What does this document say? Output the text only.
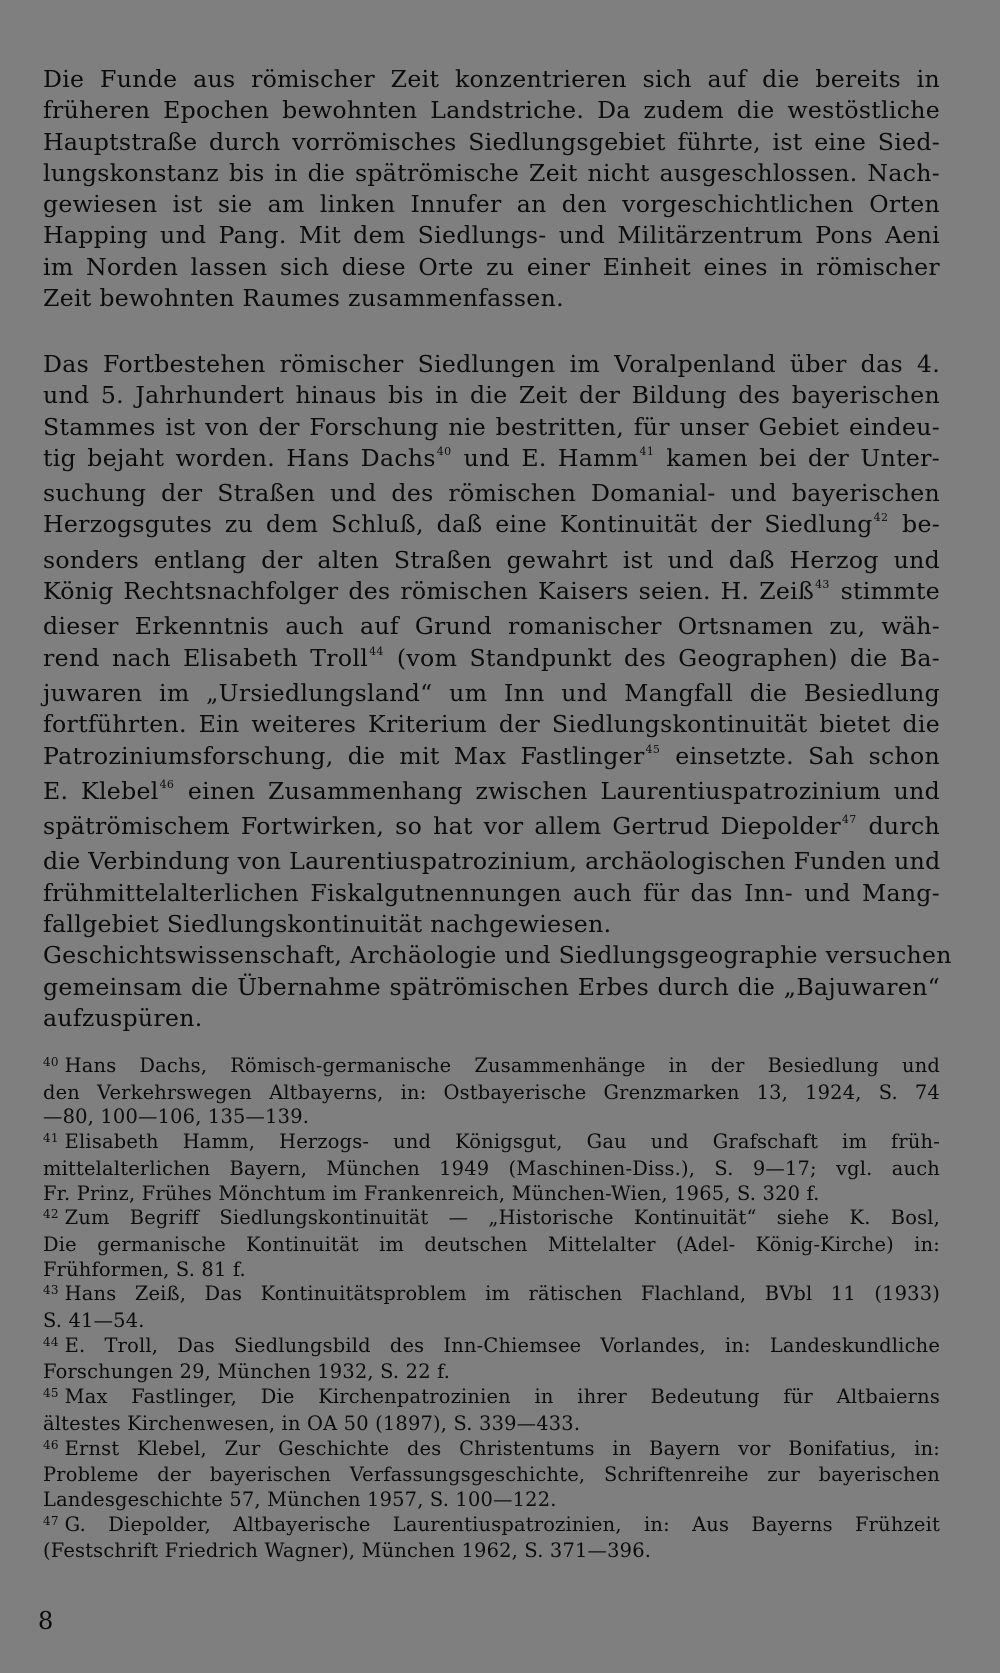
Die Funde aus römischer Zeit konzentrieren sich auf die bereits in
früheren Epochen bewohnten Landstriche. Da zudem die westöstliche
Hauptstraße durch vorrömisches Siedlungsgebiet führte, ist eine Sied-
lungskonstanz bis in die spätrömische Zeit nicht ausgeschlossen. Nach-
gewiesen ist sie am linken Innufer an den vorgeschichtlichen Orten
Happing und Pang. Mit dem Siedlungs- und Militärzentrum Pons Aeni
im Norden lassen sich diese Orte zu einer Einheit eines in römischer
Zeit bewohnten Raumes zusammenfassen.
Das Fortbestehen römischer Siedlungen im Voralpenland über das 4.
und 5. Jahrhundert hinaus bis in die Zeit der Bildung des bayerischen
Stammes ist von der Forschung nie bestritten, für unser Gebiet eindeu-
tig bejaht worden. Hans Dachs$^{40}$ und E. Hamm$^{41}$ kamen bei der Unter-
suchung der Straßen und des römischen Domanial- und bayerischen
Herzogsgutes zu dem Schluß, daß eine Kontinuität der Siedlung$^{42}$ be-
sonders entlang der alten Straßen gewahrt ist und daß Herzog und
König Rechtsnachfolger des römischen Kaisers seien. H. Zeiß$^{43}$ stimmte
dieser Erkenntnis auch auf Grund romanischer Ortsnamen zu, wäh-
rend nach Elisabeth Troll$^{44}$ (vom Standpunkt des Geographen) die Ba-
juwaren im „Ursiedlungsland“ um Inn und Mangfall die Besiedlung
fortführten. Ein weiteres Kriterium der Siedlungskontinuität bietet die
Patroziniumsforschung, die mit Max Fastlinger$^{45}$ einsetzte. Sah schon
E. Klebel$^{46}$ einen Zusammenhang zwischen Laurentiuspatrozinium und
spätrömischem Fortwirken, so hat vor allem Gertrud Diepolder$^{47}$ durch
die Verbindung von Laurentiuspatrozinium, archäologischen Funden und
frühmittelalterlichen Fiskalgutnennungen auch für das Inn- und Mang-
fallgebiet Siedlungskontinuität nachgewiesen.
Geschichtswissenschaft, Archäologie und Siedlungsgeographie versuchen
gemeinsam die Übernahme spätrömischen Erbes durch die „Bajuwaren“
aufzuspüren.
$^{40}$ Hans Dachs, Römisch-germanische Zusammenhänge in der Besiedlung und
den Verkehrswegen Altbayerns, in: Ostbayerische Grenzmarken 13, 1924, S. 74
—80, 100—106, 135—139.
$^{41}$ Elisabeth Hamm, Herzogs- und Königsgut, Gau und Grafschaft im früh-
mittelalterlichen Bayern, München 1949 (Maschinen-Diss.), S. 9—17; vgl. auch
Fr. Prinz, Frühes Mönchtum im Frankenreich, München-Wien, 1965, S. 320 f.
$^{42}$ Zum Begriff Siedlungskontinuität — „Historische Kontinuität“ siehe K. Bosl,
Die germanische Kontinuität im deutschen Mittelalter (Adel- König-Kirche) in:
Frühformen, S. 81 f.
$^{43}$ Hans Zeiß, Das Kontinuitätsproblem im rätischen Flachland, BVbl 11 (1933)
S. 41—54.
$^{44}$ E. Troll, Das Siedlungsbild des Inn-Chiemsee Vorlandes, in: Landeskundliche
Forschungen 29, München 1932, S. 22 f.
$^{45}$ Max Fastlinger, Die Kirchenpatrozinien in ihrer Bedeutung für Altbaierns
ältestes Kirchenwesen, in OA 50 (1897), S. 339—433.
$^{46}$ Ernst Klebel, Zur Geschichte des Christentums in Bayern vor Bonifatius, in:
Probleme der bayerischen Verfassungsgeschichte, Schriftenreihe zur bayerischen
Landesgeschichte 57, München 1957, S. 100—122.
$^{47}$ G. Diepolder, Altbayerische Laurentiuspatrozinien, in: Aus Bayerns Frühzeit
(Festschrift Friedrich Wagner), München 1962, S. 371—396.
8
